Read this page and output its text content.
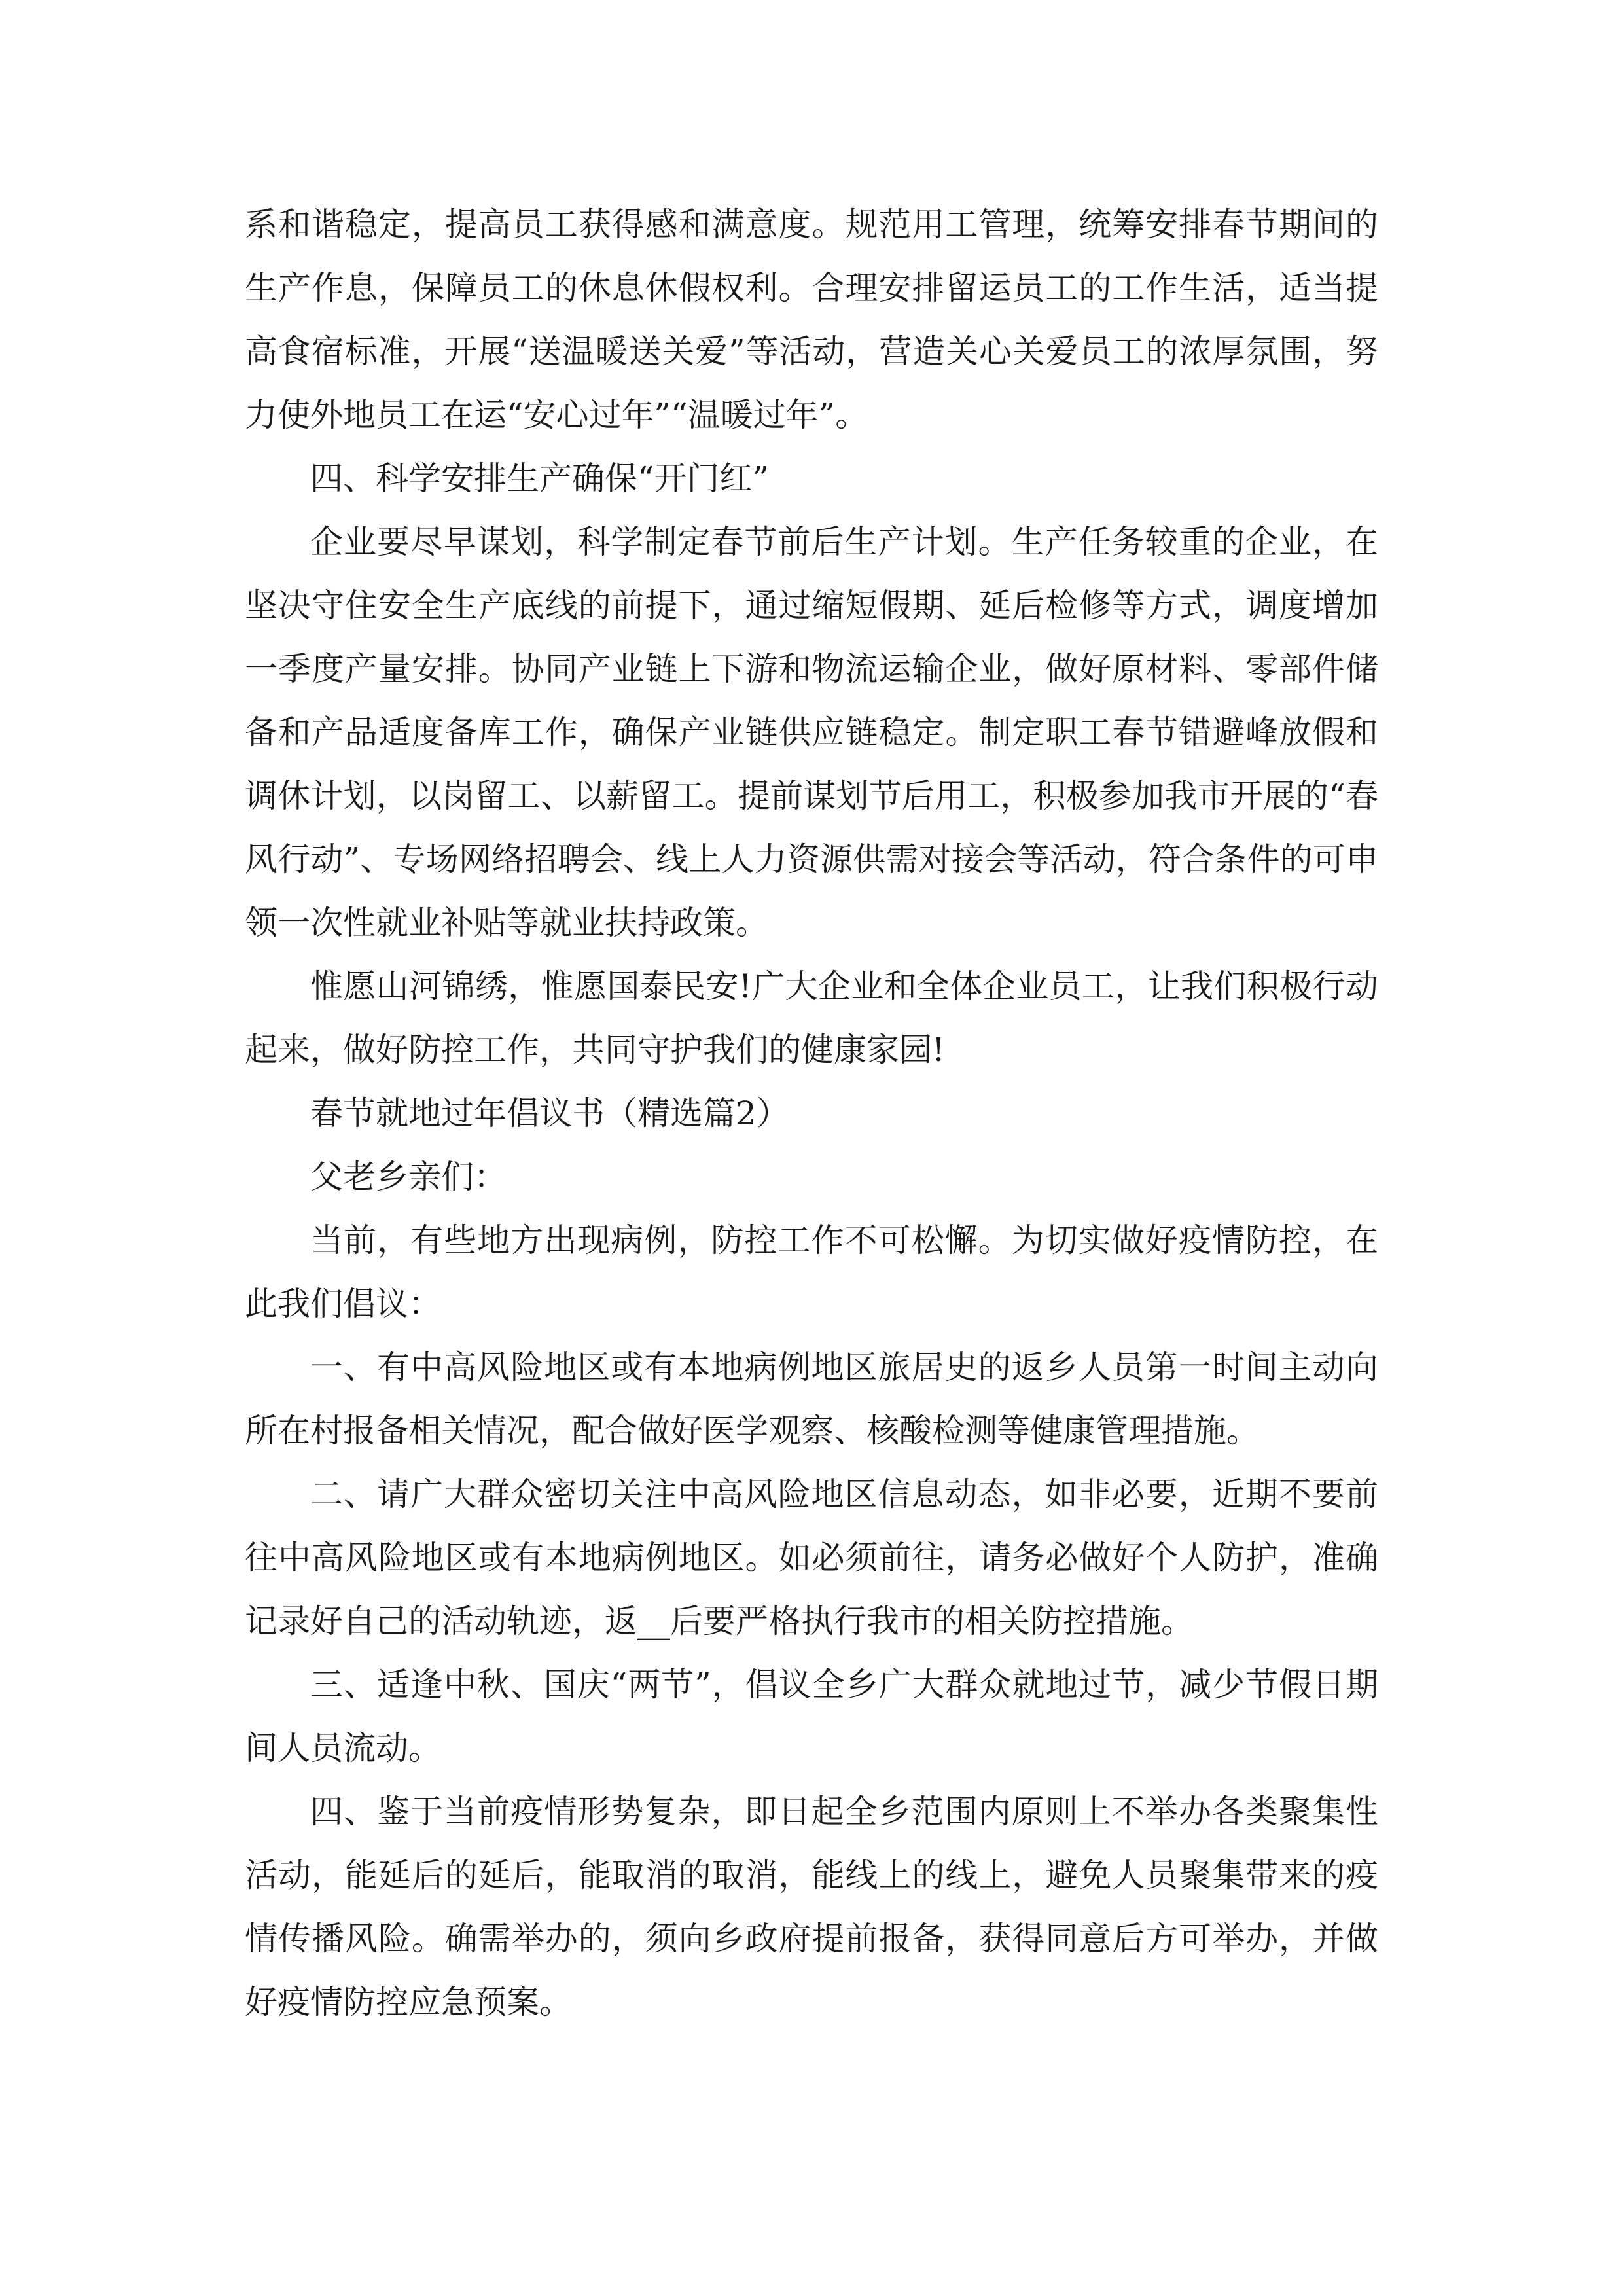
系和谐稳定，提高员工获得感和满意度。规范用工管理，统筹安排春节期间的生产作息，保障员工的休息休假权利。合理安排留运员工的工作生活，适当提高食宿标准，开展“送温暖送关爱”等活动，营造关心关爱员工的浓厚氛围，努力使外地员工在运“安心过年”“温暖过年”。

四、科学安排生产确保“开门红”

企业要尽早谋划，科学制定春节前后生产计划。生产任务较重的企业，在坚决守住安全生产底线的前提下，通过缩短假期、延后检修等方式，调度增加一季度产量安排。协同产业链上下游和物流运输企业，做好原材料、零部件储备和产品适度备库工作，确保产业链供应链稳定。制定职工春节错避峰放假和调休计划，以岗留工、以薪留工。提前谋划节后用工，积极参加我市开展的“春风行动”、专场网络招聘会、线上人力资源供需对接会等活动，符合条件的可申领一次性就业补贴等就业扶持政策。

惟愿山河锦绣，惟愿国泰民安!广大企业和全体企业员工，让我们积极行动起来，做好防控工作，共同守护我们的健康家园!

春节就地过年倡议书（精选篇2）

父老乡亲们：

当前，有些地方出现病例，防控工作不可松懈。为切实做好疫情防控，在此我们倡议：

一、有中高风险地区或有本地病例地区旅居史的返乡人员第一时间主动向所在村报备相关情况，配合做好医学观察、核酸检测等健康管理措施。

二、请广大群众密切关注中高风险地区信息动态，如非必要，近期不要前往中高风险地区或有本地病例地区。如必须前往，请务必做好个人防护，准确记录好自己的活动轨迹，返__后要严格执行我市的相关防控措施。

三、适逢中秋、国庆“两节”，倡议全乡广大群众就地过节，减少节假日期间人员流动。

四、鉴于当前疫情形势复杂，即日起全乡范围内原则上不举办各类聚集性活动，能延后的延后，能取消的取消，能线上的线上，避免人员聚集带来的疫情传播风险。确需举办的，须向乡政府提前报备，获得同意后方可举办，并做好疫情防控应急预案。
